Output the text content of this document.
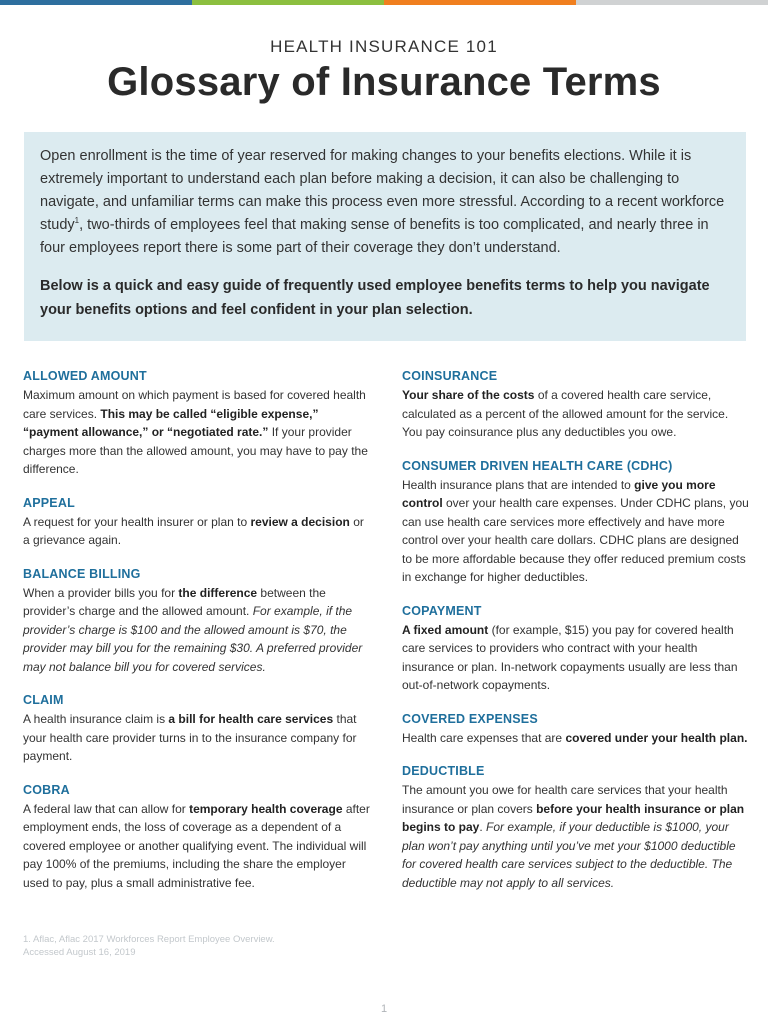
HEALTH INSURANCE 101
Glossary of Insurance Terms

Open enrollment is the time of year reserved for making changes to your benefits elections. While it is extremely important to understand each plan before making a decision, it can also be challenging to navigate, and unfamiliar terms can make this process even more stressful. According to a recent workforce study$^1$, two-thirds of employees feel that making sense of benefits is too complicated, and nearly three in four employees report there is some part of their coverage they don’t understand.

Below is a quick and easy guide of frequently used employee benefits terms to help you navigate your benefits options and feel confident in your plan selection.

ALLOWED AMOUNT

Maximum amount on which payment is based for covered health care services. This may be called “eligible expense,” “payment allowance,” or “negotiated rate.” If your provider charges more than the allowed amount, you may have to pay the difference.

APPEAL

A request for your health insurer or plan to review a decision or a grievance again.

BALANCE BILLING

When a provider bills you for the difference between the provider’s charge and the allowed amount. For example, if the provider’s charge is $100 and the allowed amount is $70, the provider may bill you for the remaining $30. A preferred provider may not balance bill you for covered services.

CLAIM

A health insurance claim is a bill for health care services that your health care provider turns in to the insurance company for payment.

COBRA

A federal law that can allow for temporary health coverage after employment ends, the loss of coverage as a dependent of a covered employee or another qualifying event. The individual will pay 100% of the premiums, including the share the employer used to pay, plus a small administrative fee.

COINSURANCE

Your share of the costs of a covered health care service, calculated as a percent of the allowed amount for the service. You pay coinsurance plus any deductibles you owe.

CONSUMER DRIVEN HEALTH CARE (CDHC)

Health insurance plans that are intended to give you more control over your health care expenses. Under CDHC plans, you can use health care services more effectively and have more control over your health care dollars. CDHC plans are designed to be more affordable because they offer reduced premium costs in exchange for higher deductibles.

COPAYMENT

A fixed amount (for example, $15) you pay for covered health care services to providers who contract with your health insurance or plan. In-network copayments usually are less than out-of-network copayments.

COVERED EXPENSES

Health care expenses that are covered under your health plan.

DEDUCTIBLE

The amount you owe for health care services that your health insurance or plan covers before your health insurance or plan begins to pay. For example, if your deductible is $1000, your plan won’t pay anything until you’ve met your $1000 deductible for covered health care services subject to the deductible. The deductible may not apply to all services.

1. Aflac, Aflac 2017 Workforces Report Employee Overview. Accessed August 16, 2019
1
